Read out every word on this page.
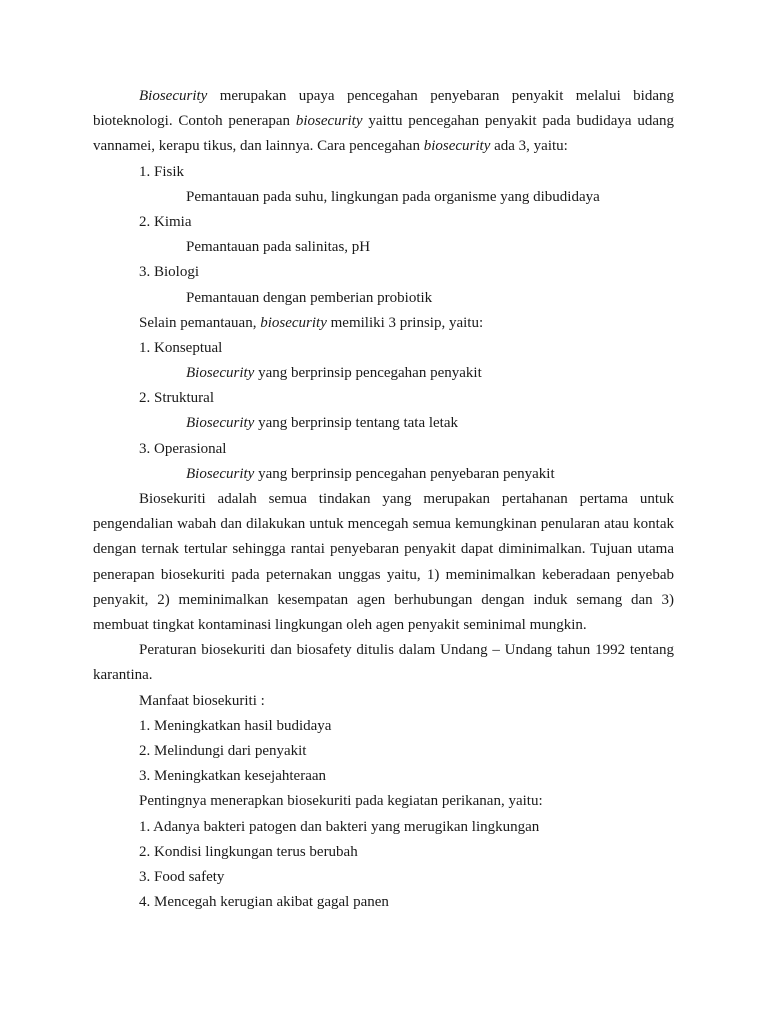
Biosecurity merupakan upaya pencegahan penyebaran penyakit melalui bidang bioteknologi. Contoh penerapan biosecurity yaittu pencegahan penyakit pada budidaya udang vannamei, kerapu tikus, dan lainnya. Cara pencegahan biosecurity ada 3, yaitu:

1. Fisik
Pemantauan pada suhu, lingkungan pada organisme yang dibudidaya
2. Kimia
Pemantauan pada salinitas, pH
3. Biologi
Pemantauan dengan pemberian probiotik
Selain pemantauan, biosecurity memiliki 3 prinsip, yaitu:
1. Konseptual
Biosecurity yang berprinsip pencegahan penyakit
2. Struktural
Biosecurity yang berprinsip tentang tata letak
3. Operasional
Biosecurity yang berprinsip pencegahan penyebaran penyakit

Biosekuriti adalah semua tindakan yang merupakan pertahanan pertama untuk pengendalian wabah dan dilakukan untuk mencegah semua kemungkinan penularan atau kontak dengan ternak tertular sehingga rantai penyebaran penyakit dapat diminimalkan. Tujuan utama penerapan biosekuriti pada peternakan unggas yaitu, 1) meminimalkan keberadaan penyebab penyakit, 2) meminimalkan kesempatan agen berhubungan dengan induk semang dan 3) membuat tingkat kontaminasi lingkungan oleh agen penyakit seminimal mungkin.

Peraturan biosekuriti dan biosafety ditulis dalam Undang – Undang tahun 1992 tentang karantina.

Manfaat biosekuriti :
1. Meningkatkan hasil budidaya
2. Melindungi dari penyakit
3. Meningkatkan kesejahteraan
Pentingnya menerapkan biosekuriti pada kegiatan perikanan, yaitu:
1. Adanya bakteri patogen dan bakteri yang merugikan lingkungan
2. Kondisi lingkungan terus berubah
3. Food safety
4. Mencegah kerugian akibat gagal panen
